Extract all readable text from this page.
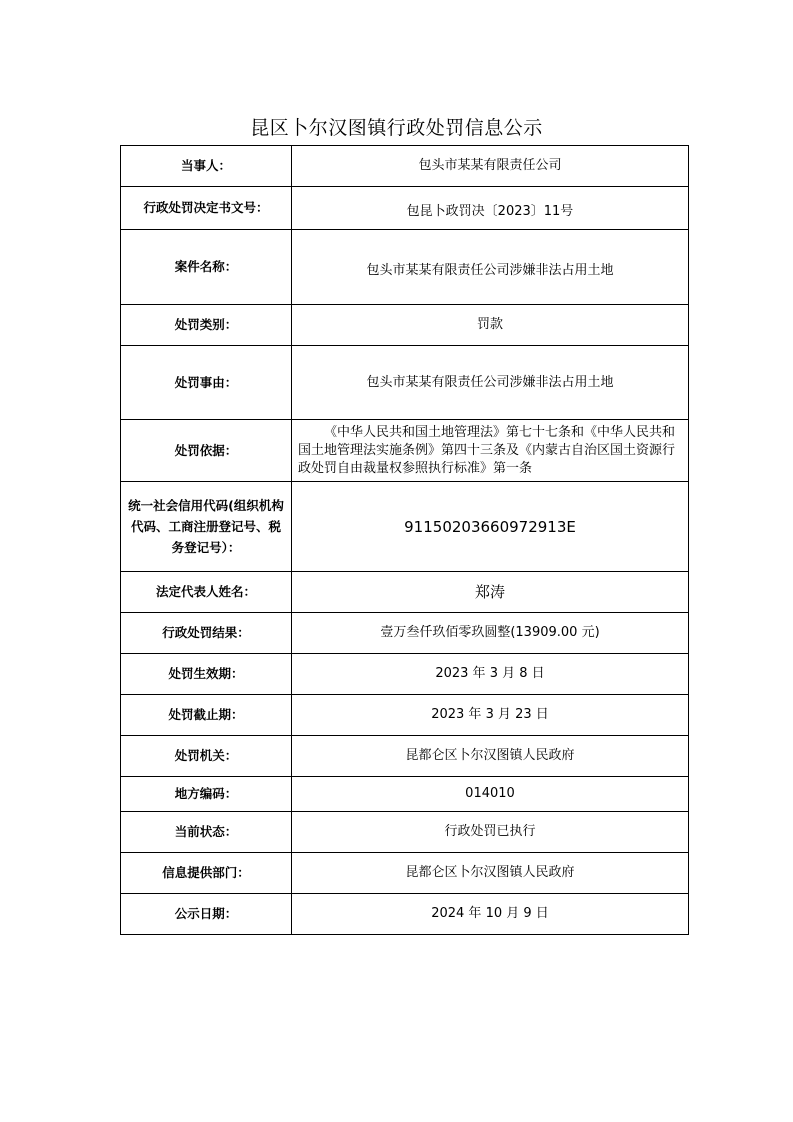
昆区卜尔汉图镇行政处罚信息公示
当事人：	包头市某某有限责任公司
行政处罚决定书文号：	包昆卜政罚决〔2023〕11号
案件名称：	包头市某某有限责任公司涉嫌非法占用土地
处罚类别：	罚款
处罚事由：	包头市某某有限责任公司涉嫌非法占用土地
处罚依据：	《中华人民共和国土地管理法》第七十七条和《中华人民共和国土地管理法实施条例》第四十三条及《内蒙古自治区国土资源行政处罚自由裁量权参照执行标准》第一条
统一社会信用代码(组织机构代码、工商注册登记号、税务登记号）：	91150203660972913E
法定代表人姓名：	郑涛
行政处罚结果：	壹万叁仟玖佰零玖圆整(13909.00 元)
处罚生效期：	2023 年 3 月 8 日
处罚截止期：	2023 年 3 月 23 日
处罚机关：	昆都仑区卜尔汉图镇人民政府
地方编码：	014010
当前状态：	行政处罚已执行
信息提供部门：	昆都仑区卜尔汉图镇人民政府
公示日期：	2024 年 10 月 9 日
